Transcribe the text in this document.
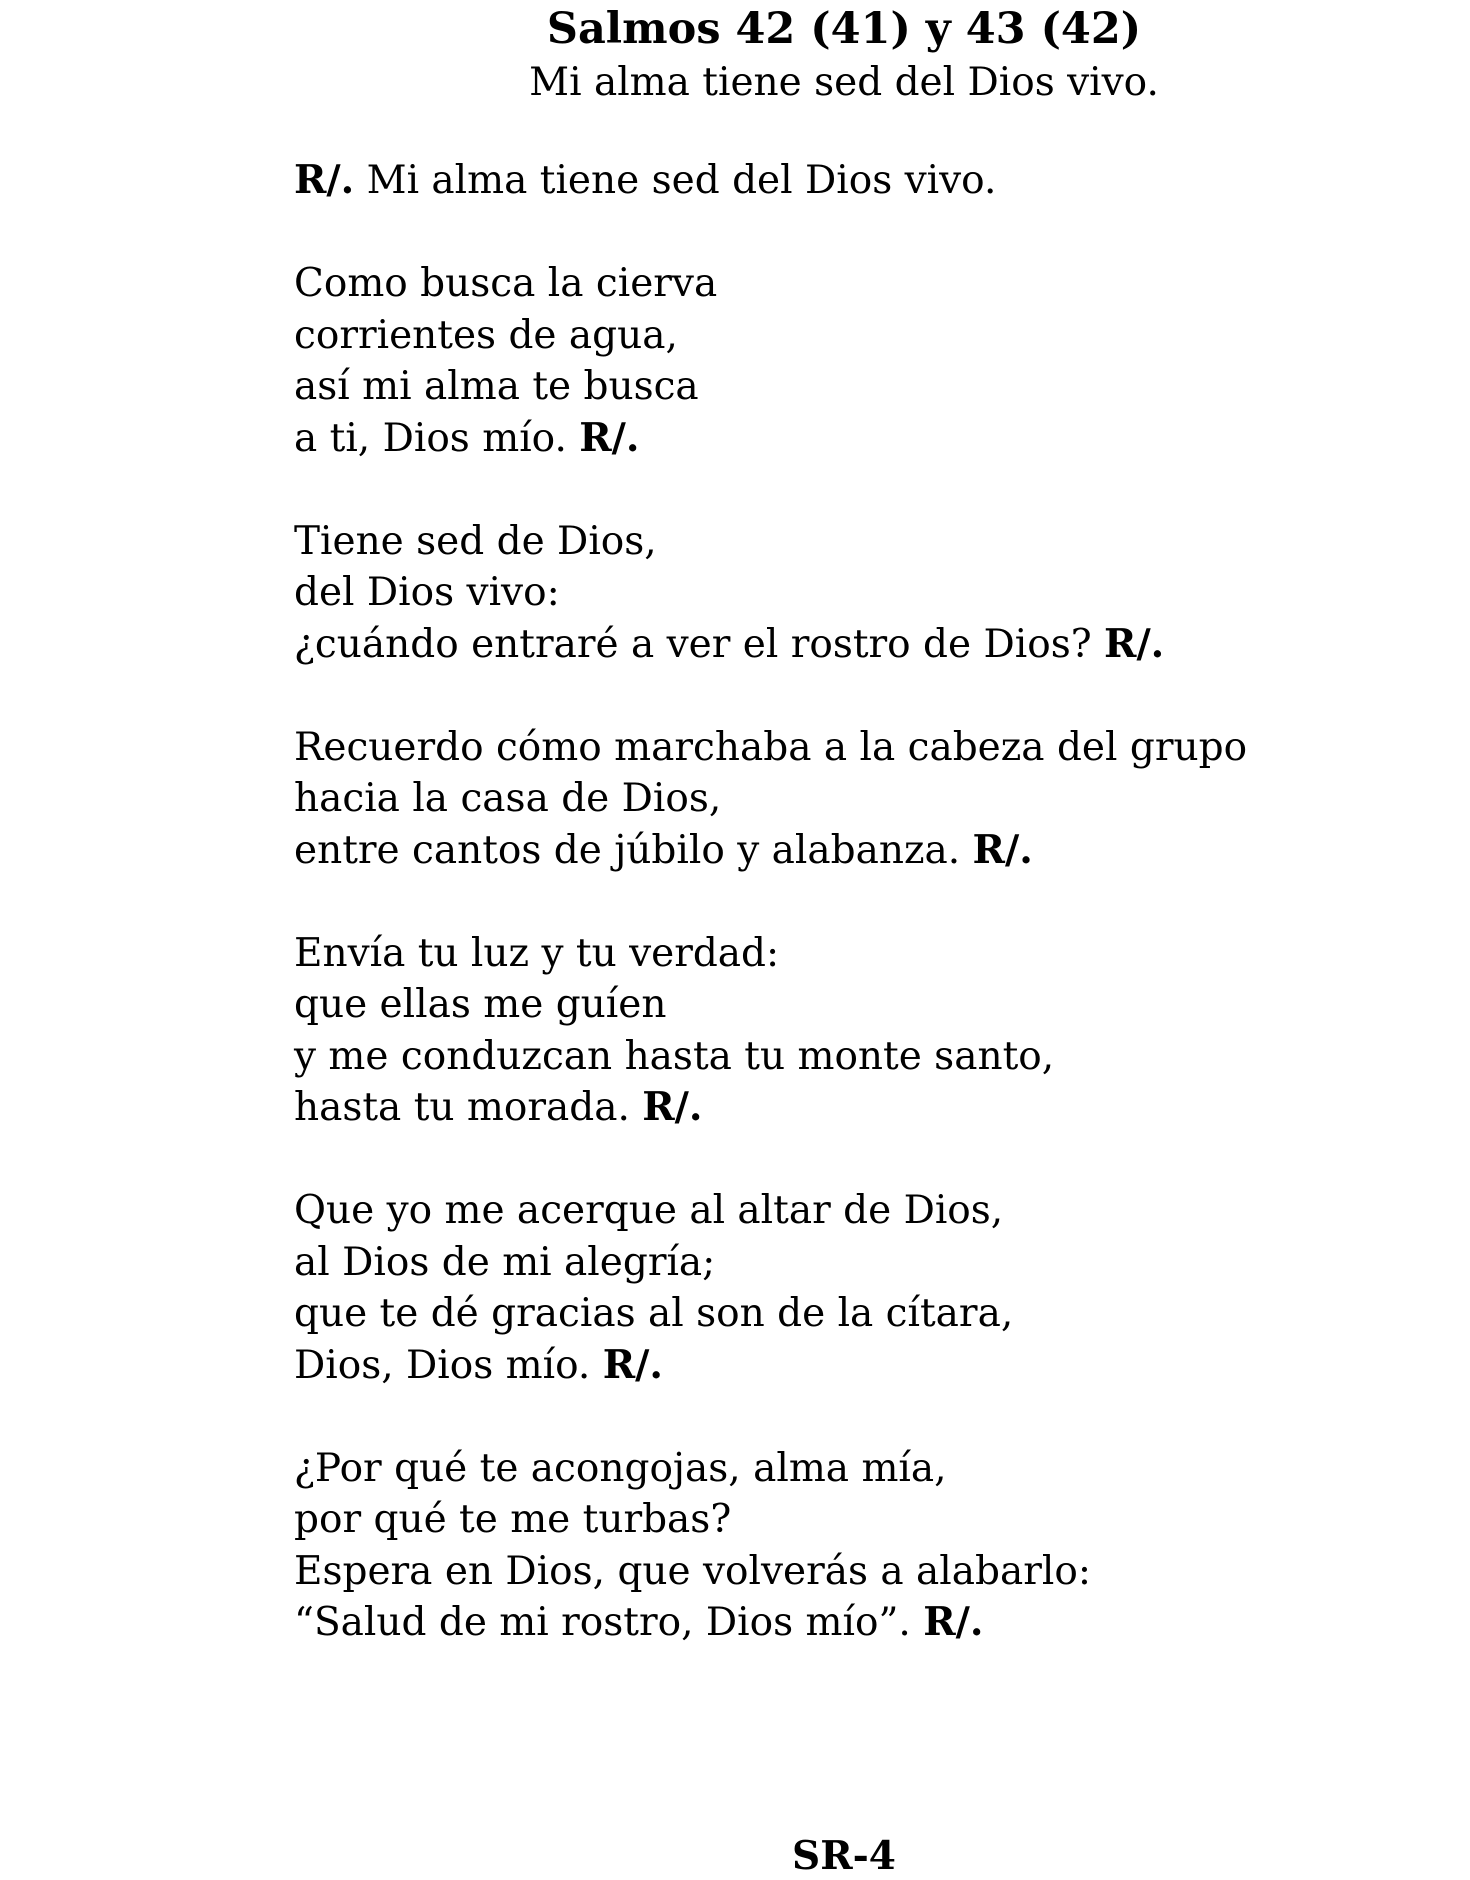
Salmos 42 (41) y 43 (42)

Mi alma tiene sed del Dios vivo.

R/. Mi alma tiene sed del Dios vivo.

Como busca la cierva
corrientes de agua,
así mi alma te busca
a ti, Dios mío. R/.
Tiene sed de Dios,
del Dios vivo:
¿cuándo entraré a ver el rostro de Dios? R/.
Recuerdo cómo marchaba a la cabeza del grupo
hacia la casa de Dios,
entre cantos de júbilo y alabanza. R/.
Envía tu luz y tu verdad:
que ellas me guíen
y me conduzcan hasta tu monte santo,
hasta tu morada. R/.
Que yo me acerque al altar de Dios,
al Dios de mi alegría;
que te dé gracias al son de la cítara,
Dios, Dios mío. R/.
¿Por qué te acongojas, alma mía,
por qué te me turbas?
Espera en Dios, que volverás a alabarlo:
“Salud de mi rostro, Dios mío”. R/.
SR-4
